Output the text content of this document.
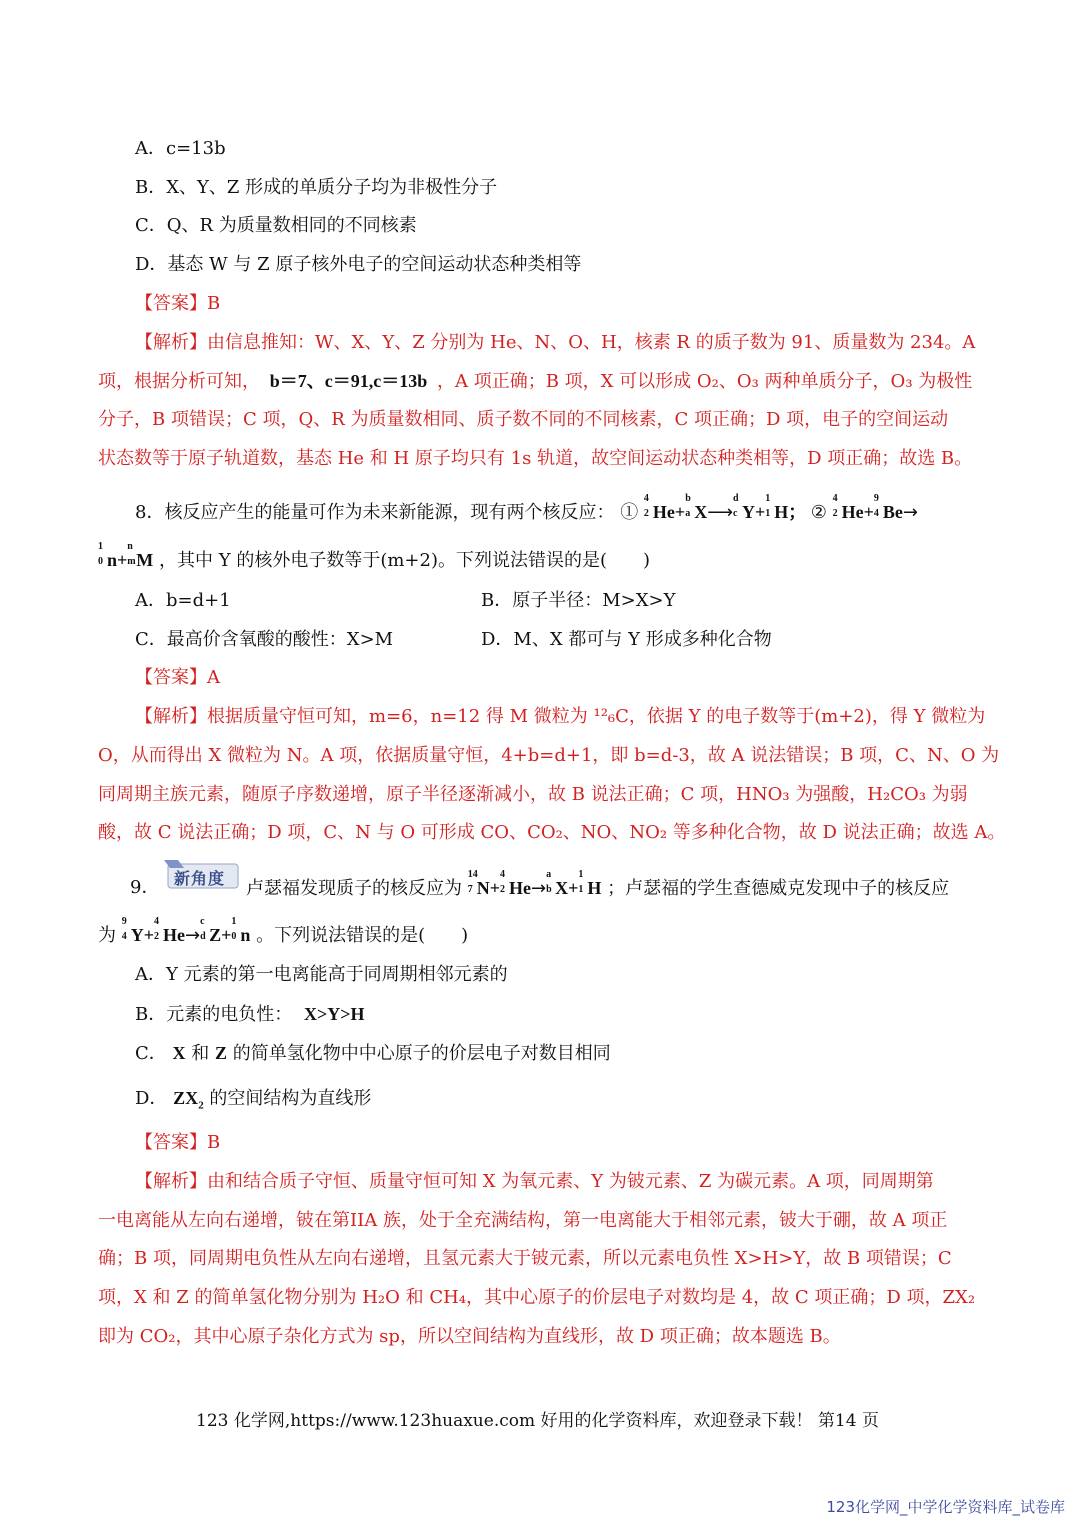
A．c=13b
B．X、Y、Z 形成的单质分子均为非极性分子
C．Q、R 为质量数相同的不同核素
D．基态 W 与 Z 原子核外电子的空间运动状态种类相等
【答案】B
【解析】由信息推知：W、X、Y、Z 分别为 He、N、O、H，核素 R 的质子数为 91、质量数为 234。A
项，根据分析可知， b＝7、c＝91,c＝13b ，A 项正确；B 项，X 可以形成 O₂、O₃ 两种单质分子，O₃ 为极性
分子，B 项错误；C 项，Q、R 为质量数相同、质子数不同的不同核素，C 项正确；D 项，电子的空间运动
状态数等于原子轨道数，基态 He 和 H 原子均只有 1s 轨道，故空间运动状态种类相等，D 项正确；故选 B。
8．核反应产生的能量可作为未来新能源，现有两个核反应： ①
4
2 He+
b
a X⟶
d
c Y+
1
1 H； ②
4
2 He+
9
4 Be→
1
0 n+
n
m M ，其中 Y 的核外电子数等于(m+2)。下列说法错误的是(　　)
A．b=d+1	B．原子半径：M>X>Y
C．最高价含氧酸的酸性：X>M	D．M、X 都可与 Y 形成多种化合物
【答案】A
【解析】根据质量守恒可知，m=6，n=12 得 M 微粒为 ¹²₆C，依据 Y 的电子数等于(m+2)，得 Y 微粒为
O，从而得出 X 微粒为 N。A 项，依据质量守恒，4+b=d+1，即 b=d-3，故 A 说法错误；B 项，C、N、O 为
同周期主族元素，随原子序数递增，原子半径逐渐减小，故 B 说法正确；C 项，HNO₃ 为强酸，H₂CO₃ 为弱
酸，故 C 说法正确；D 项，C、N 与 O 可形成 CO、CO₂、NO、NO₂ 等多种化合物，故 D 说法正确；故选 A。
9． 新角度 卢瑟福发现质子的核反应为
14
7 N+
4
2 He→
a
b X+
1
1 H ；卢瑟福的学生查德威克发现中子的核反应
为
9
4 Y+
4
2 He→
c
d Z+
1
0 n 。下列说法错误的是(　　)
A．Y 元素的第一电离能高于同周期相邻元素的
B．元素的电负性： X>Y>H
C． X 和 Z 的简单氢化物中中心原子的价层电子对数目相同
D． $ZX_2$ 的空间结构为直线形
【答案】B
【解析】由和结合质子守恒、质量守恒可知 X 为氧元素、Y 为铍元素、Z 为碳元素。A 项，同周期第
一电离能从左向右递增，铍在第IIA 族，处于全充满结构，第一电离能大于相邻元素，铍大于硼，故 A 项正
确；B 项，同周期电负性从左向右递增，且氢元素大于铍元素，所以元素电负性 X>H>Y，故 B 项错误；C
项，X 和 Z 的简单氢化物分别为 H₂O 和 CH₄，其中心原子的价层电子对数均是 4，故 C 项正确；D 项，ZX₂
即为 CO₂，其中心原子杂化方式为 sp，所以空间结构为直线形，故 D 项正确；故本题选 B。
123 化学网,https://www.123huaxue.com 好用的化学资料库，欢迎登录下载！ 第14 页
123化学网_中学化学资料库_试卷库
